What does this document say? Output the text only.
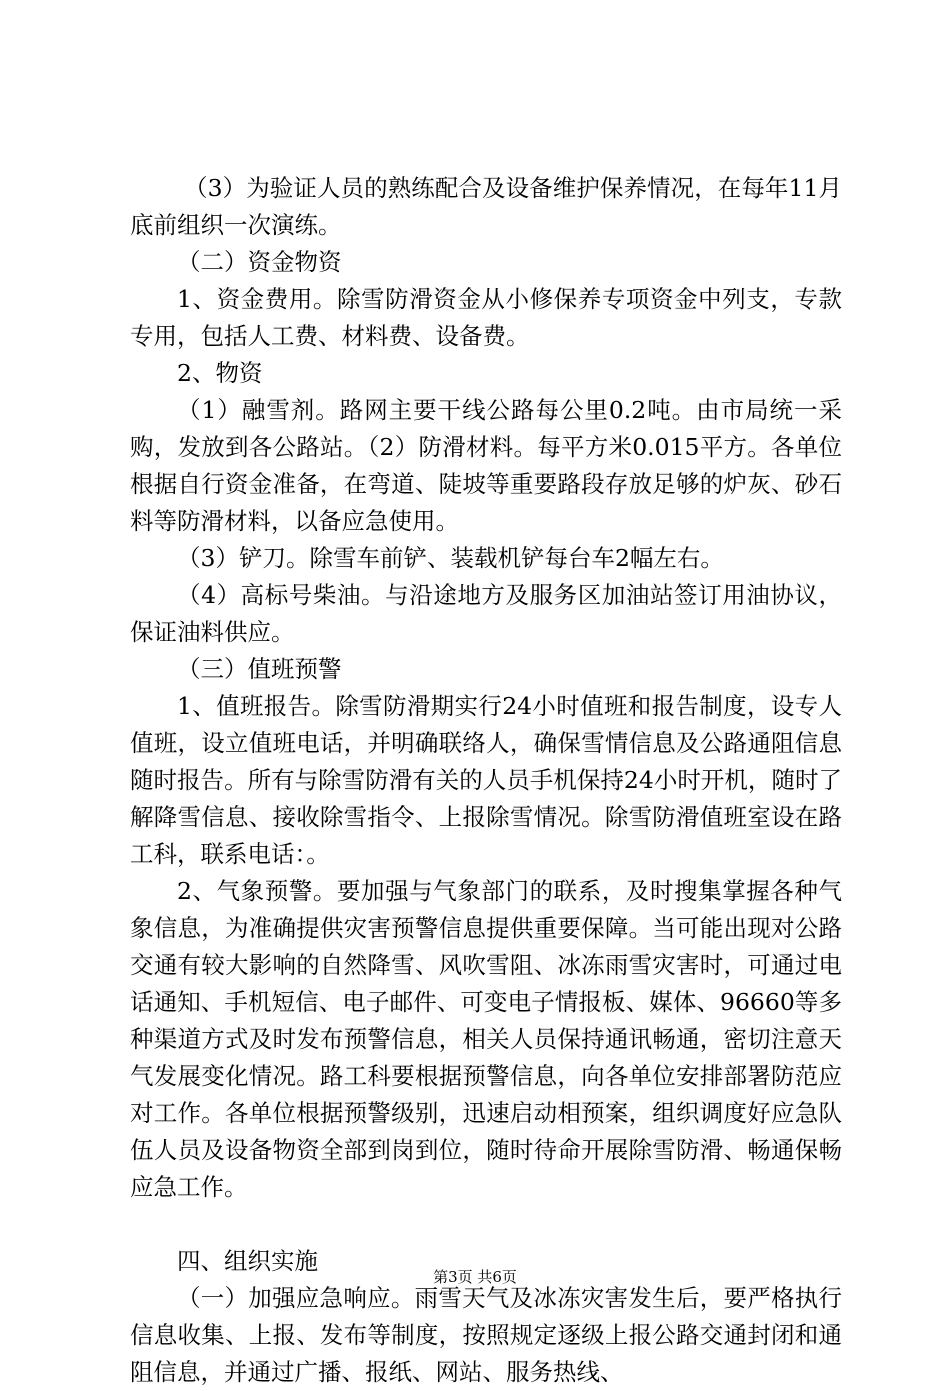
（3）为验证人员的熟练配合及设备维护保养情况，在每年11月底前组织一次演练。

（二）资金物资

1、资金费用。除雪防滑资金从小修保养专项资金中列支，专款专用，包括人工费、材料费、设备费。

2、物资

（1）融雪剂。路网主要干线公路每公里0.2吨。由市局统一采购，发放到各公路站。（2）防滑材料。每平方米0.015平方。各单位根据自行资金准备，在弯道、陡坡等重要路段存放足够的炉灰、砂石料等防滑材料，以备应急使用。

（3）铲刀。除雪车前铲、装载机铲每台车2幅左右。

（4）高标号柴油。与沿途地方及服务区加油站签订用油协议，保证油料供应。

（三）值班预警

1、值班报告。除雪防滑期实行24小时值班和报告制度，设专人值班，设立值班电话，并明确联络人，确保雪情信息及公路通阻信息随时报告。所有与除雪防滑有关的人员手机保持24小时开机，随时了解降雪信息、接收除雪指令、上报除雪情况。除雪防滑值班室设在路工科，联系电话：。

2、气象预警。要加强与气象部门的联系，及时搜集掌握各种气象信息，为准确提供灾害预警信息提供重要保障。当可能出现对公路交通有较大影响的自然降雪、风吹雪阻、冰冻雨雪灾害时，可通过电话通知、手机短信、电子邮件、可变电子情报板、媒体、96660等多种渠道方式及时发布预警信息，相关人员保持通讯畅通，密切注意天气发展变化情况。路工科要根据预警信息，向各单位安排部署防范应对工作。各单位根据预警级别，迅速启动相预案，组织调度好应急队伍人员及设备物资全部到岗到位，随时待命开展除雪防滑、畅通保畅应急工作。

四、组织实施

（一）加强应急响应。雨雪天气及冰冻灾害发生后，要严格执行信息收集、上报、发布等制度，按照规定逐级上报公路交通封闭和通阻信息，并通过广播、报纸、网站、服务热线、

第3页 共6页
